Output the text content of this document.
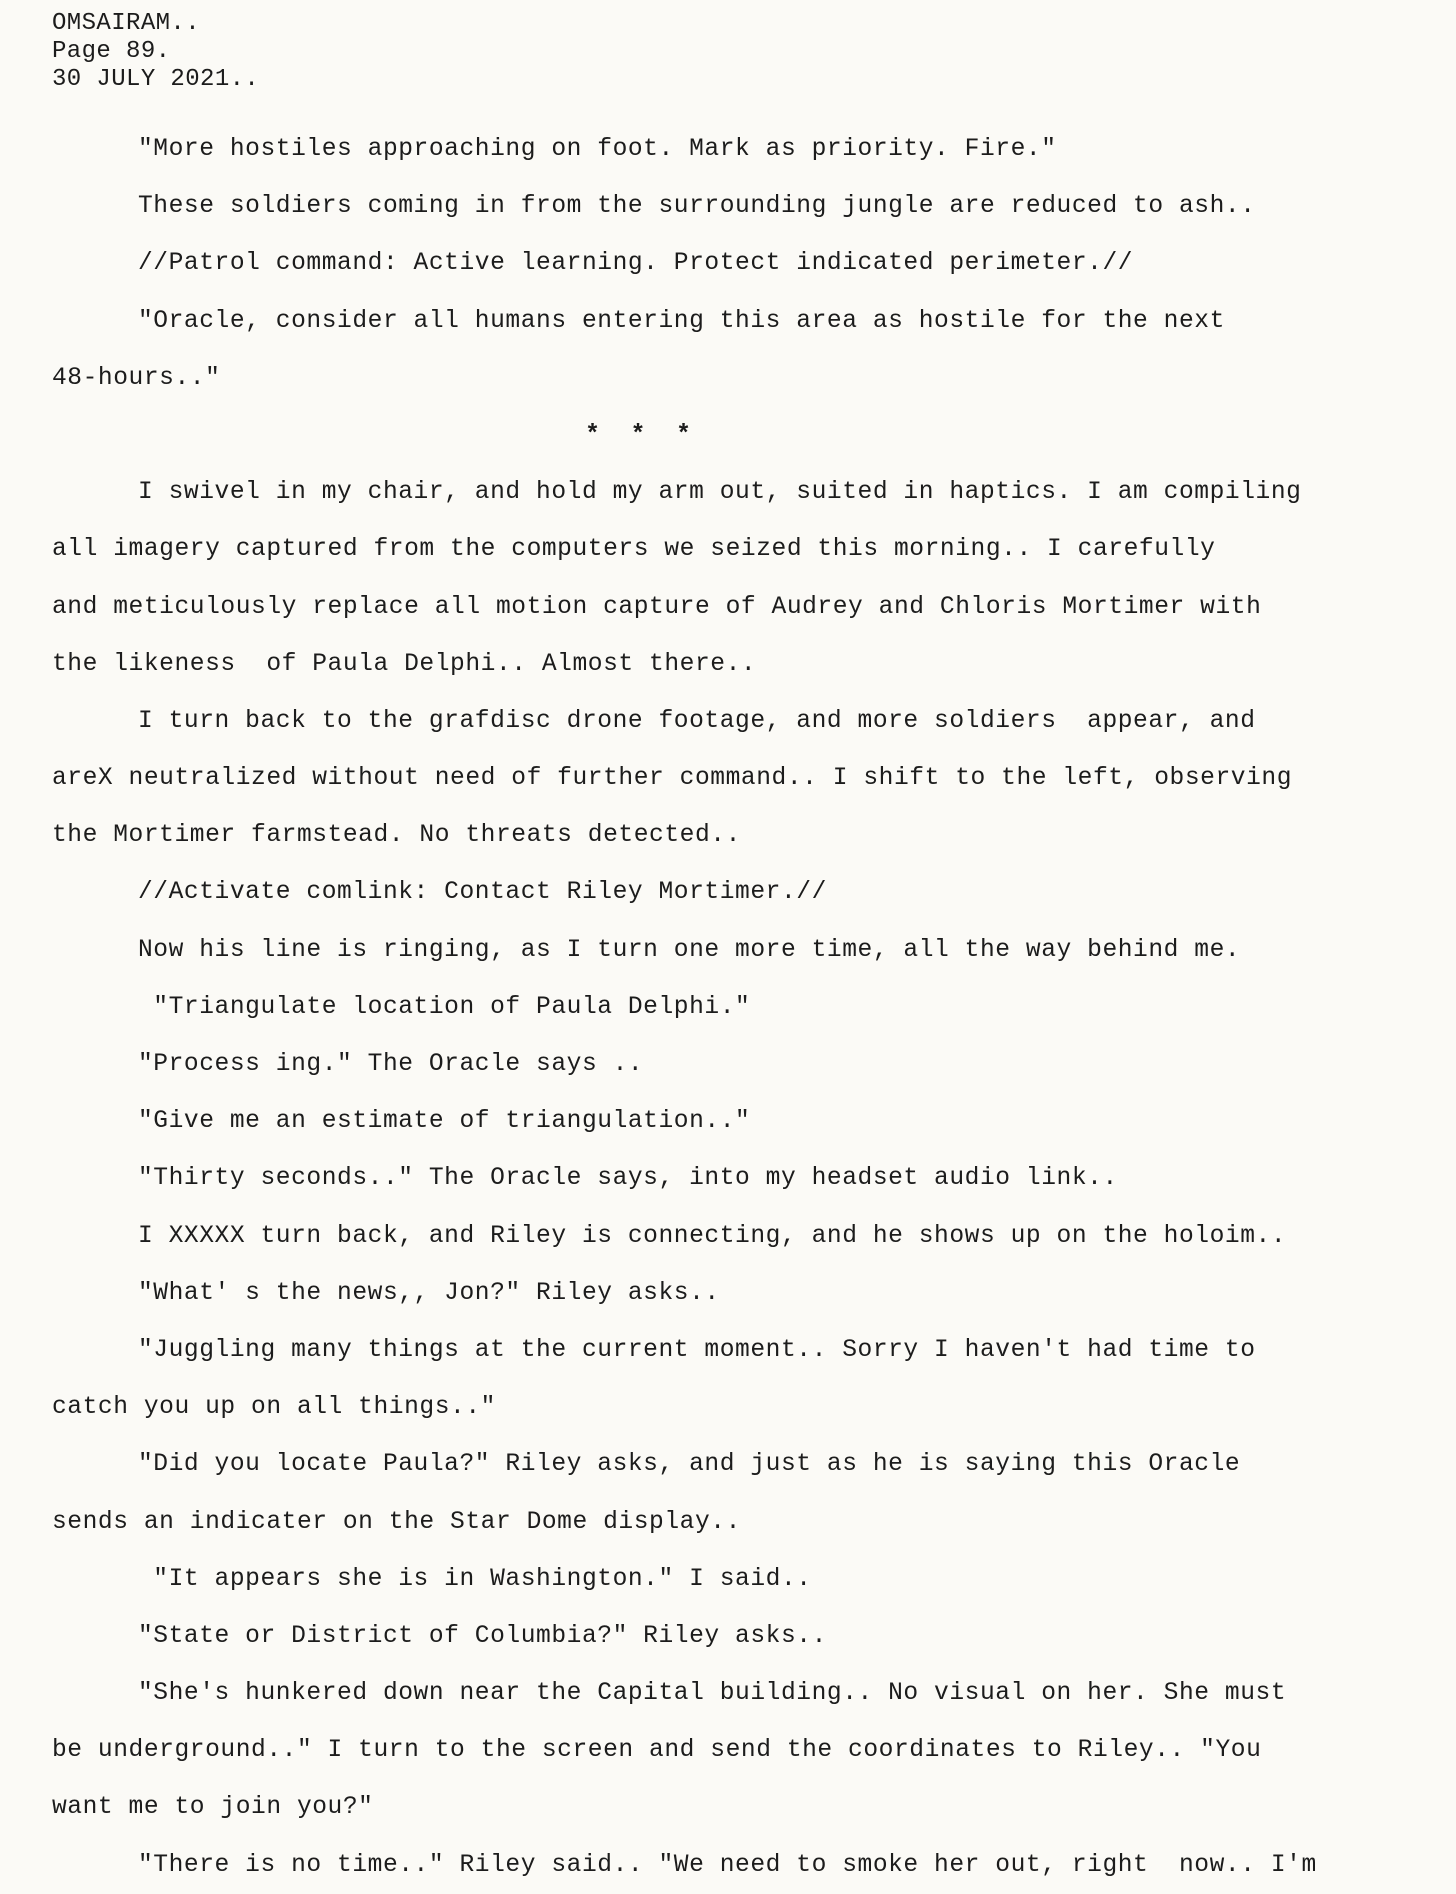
OMSAIRAM..
Page 89.
30 JULY 2021..
"More hostiles approaching on foot. Mark as priority. Fire."
These soldiers coming in from the surrounding jungle are reduced to ash..
//Patrol command: Active learning. Protect indicated perimeter.//
"Oracle, consider all humans entering this area as hostile for the next
48-hours.."
* * *
I swivel in my chair, and hold my arm out, suited in haptics. I am compiling
all imagery captured from the computers we seized this morning.. I carefully
and meticulously replace all motion capture of Audrey and Chloris Mortimer with
the likeness  of Paula Delphi.. Almost there..
I turn back to the grafdisc drone footage, and more soldiers  appear, and
areX neutralized without need of further command.. I shift to the left, observing
the Mortimer farmstead. No threats detected..
//Activate comlink: Contact Riley Mortimer.//
Now his line is ringing, as I turn one more time, all the way behind me.
"Triangulate location of Paula Delphi."
"Process ing." The Oracle says ..
"Give me an estimate of triangulation.."
"Thirty seconds.." The Oracle says, into my headset audio link..
I XXXXX turn back, and Riley is connecting, and he shows up on the holoim..
"What' s the news,, Jon?" Riley asks..
"Juggling many things at the current moment.. Sorry I haven't had time to
catch you up on all things.."
"Did you locate Paula?" Riley asks, and just as he is saying this Oracle
sends an indicater on the Star Dome display..
"It appears she is in Washington." I said..
"State or District of Columbia?" Riley asks..
"She's hunkered down near the Capital building.. No visual on her. She must
be underground.." I turn to the screen and send the coordinates to Riley.. "You
want me to join you?"
"There is no time.." Riley said.. "We need to smoke her out, right  now.. I'm
